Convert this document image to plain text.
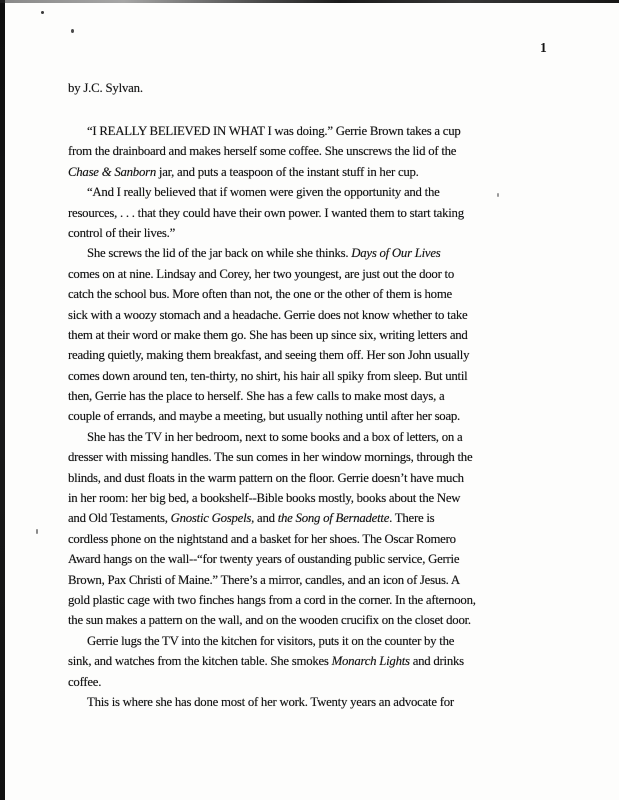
1
by J.C. Sylvan.
“I REALLY BELIEVED IN WHAT I was doing.” Gerrie Brown takes a cup
from the drainboard and makes herself some coffee. She unscrews the lid of the
Chase & Sanborn jar, and puts a teaspoon of the instant stuff in her cup.
“And I really believed that if women were given the opportunity and the
resources, . . . that they could have their own power. I wanted them to start taking
control of their lives.”
She screws the lid of the jar back on while she thinks. Days of Our Lives
comes on at nine. Lindsay and Corey, her two youngest, are just out the door to
catch the school bus. More often than not, the one or the other of them is home
sick with a woozy stomach and a headache. Gerrie does not know whether to take
them at their word or make them go. She has been up since six, writing letters and
reading quietly, making them breakfast, and seeing them off. Her son John usually
comes down around ten, ten-thirty, no shirt, his hair all spiky from sleep. But until
then, Gerrie has the place to herself. She has a few calls to make most days, a
couple of errands, and maybe a meeting, but usually nothing until after her soap.
She has the TV in her bedroom, next to some books and a box of letters, on a
dresser with missing handles. The sun comes in her window mornings, through the
blinds, and dust floats in the warm pattern on the floor. Gerrie doesn’t have much
in her room: her big bed, a bookshelf--Bible books mostly, books about the New
and Old Testaments, Gnostic Gospels, and the Song of Bernadette. There is
cordless phone on the nightstand and a basket for her shoes. The Oscar Romero
Award hangs on the wall--“for twenty years of oustanding public service, Gerrie
Brown, Pax Christi of Maine.” There’s a mirror, candles, and an icon of Jesus. A
gold plastic cage with two finches hangs from a cord in the corner. In the afternoon,
the sun makes a pattern on the wall, and on the wooden crucifix on the closet door.
Gerrie lugs the TV into the kitchen for visitors, puts it on the counter by the
sink, and watches from the kitchen table. She smokes Monarch Lights and drinks
coffee.
This is where she has done most of her work. Twenty years an advocate for
